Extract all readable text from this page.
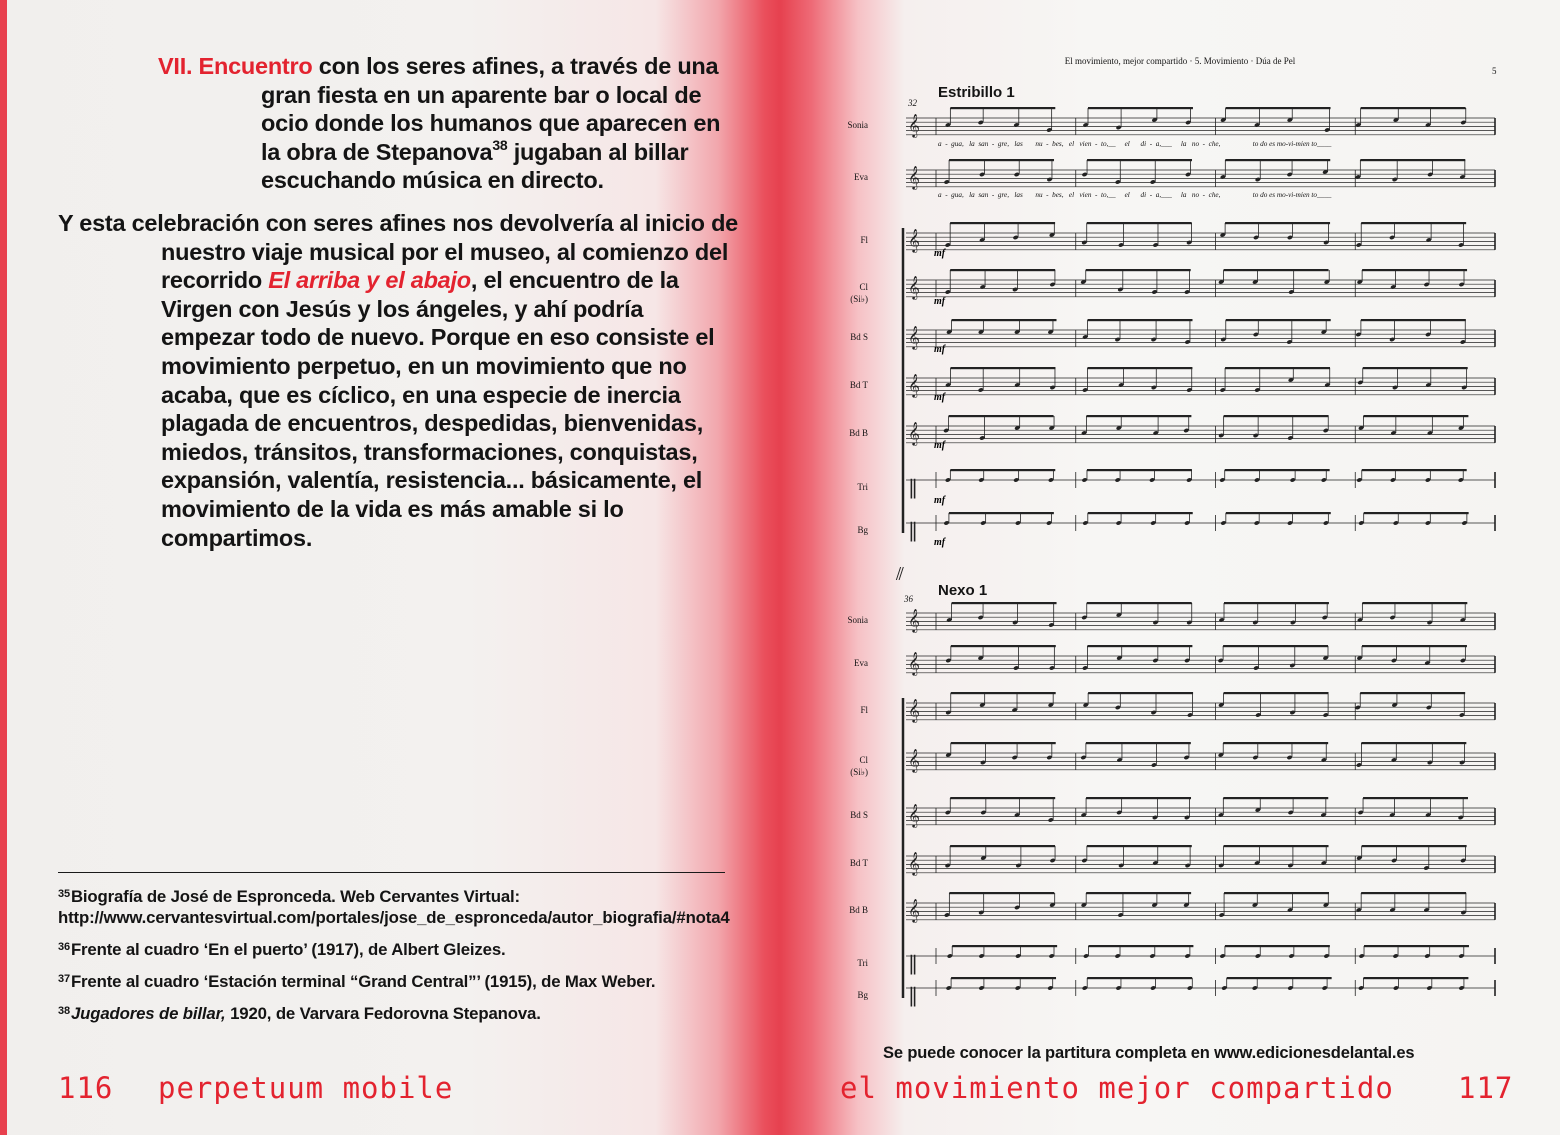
VII. Encuentro con los seres afines, a través de una gran fiesta en un aparente bar o local de ocio donde los humanos que aparecen en la obra de Stepanova$^{38}$ jugaban al billar escuchando música en directo.

Y esta celebración con seres afines nos devolvería al inicio de nuestro viaje musical por el museo, al comienzo del recorrido El arriba y el abajo, el encuentro de la Virgen con Jesús y los ángeles, y ahí podría empezar todo de nuevo. Porque en eso consiste el movimiento perpetuo, en un movimiento que no acaba, que es cíclico, en una especie de inercia plagada de encuentros, despedidas, bienvenidas, miedos, tránsitos, transformaciones, conquistas, expansión, valentía, resistencia... básicamente, el movimiento de la vida es más amable si lo compartimos.

$^{35}$Biografía de José de Espronceda. Web Cervantes Virtual: http://www.cervantesvirtual.com/portales/jose_de_espronceda/autor_biografia/#nota4

$^{36}$Frente al cuadro ‘En el puerto’ (1917), de Albert Gleizes.

$^{37}$Frente al cuadro ‘Estación terminal “Grand Central”’ (1915), de Max Weber.

$^{38}$Jugadores de billar, 1920, de Varvara Fedorovna Stepanova.

116 perpetuum mobile
El movimiento, mejor compartido · 5. Movimiento · Dúa de Pel
5
𝄞
𝄞
𝄞
𝄞
𝄞
𝄞
𝄞
‖
‖
𝄞
𝄞
𝄞
𝄞
𝄞
𝄞
𝄞
‖
‖
mf
mf
mf
mf
mf
mf
mf
⫽
Estribillo 1
32
Nexo 1
36
Sonia
Eva
Fl
Cl
Bd S
Bd T
Bd B
Tri
Bg
Sonia
Eva
Fl
Cl
Bd S
Bd T
Bd B
Tri
Bg
(Si♭)
(Si♭)
a  -  gua,   la  san  -  gre,   las       nu  -  bes,   el   vien  -  to,__     el      di  -  a,___     la   no  -  che,                  to do es mo-vi-mien to____
a  -  gua,   la  san  -  gre,   las       nu  -  bes,   el   vien  -  to,__     el      di  -  a,___     la   no  -  che,                  to do es mo-vi-mien to____
Se puede conocer la partitura completa en www.edicionesdelantal.es
el movimiento mejor compartido 117
